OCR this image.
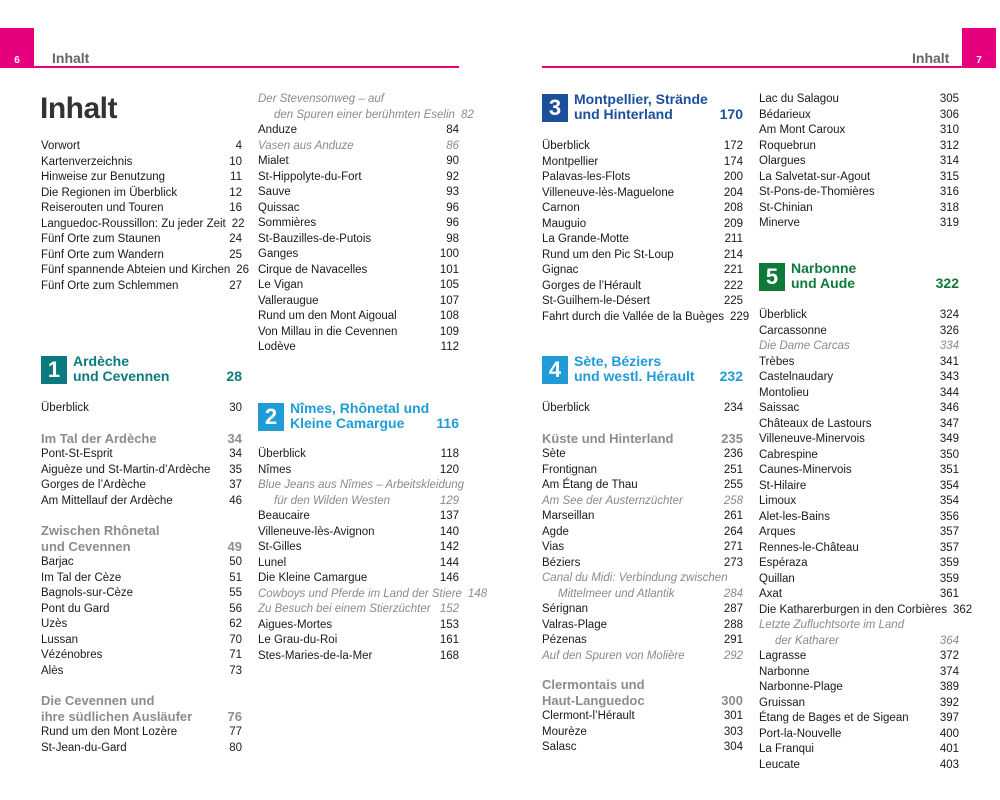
6 Inhalt	7
Inhalt
Inhalt
Vorwort	4
Kartenverzeichnis	10
Hinweise zur Benutzung	11
Die Regionen im Überblick	12
Reiserouten und Touren	16
Languedoc-Roussillon: Zu jeder Zeit 22
Fünf Orte zum Staunen	24
Fünf Orte zum Wandern	25
Fünf spannende Abteien und Kirchen 26
Fünf Orte zum Schlemmen	27
1 Ardèche
und Cevennen	28
Überblick	30
Im Tal der Ardèche	34
Pont-St-Esprit	34
Aiguèze und St-Martin-d’Ardèche	35
Gorges de l’Ardèche	37
Am Mittellauf der Ardèche	46
Zwischen Rhônetal
und Cevennen	49
Barjac	50
Im Tal der Cèze	51
Bagnols-sur-Cèze	55
Pont du Gard	56
Uzès	62
Lussan	70
Vézénobres	71
Alès	73
Die Cevennen und
ihre südlichen Ausläufer	76
Rund um den Mont Lozère	77
St-Jean-du-Gard	80
Der Stevensonweg – auf
den Spuren einer berühmten Eselin 82
Anduze	84
Vasen aus Anduze	86
Mialet	90
St-Hippolyte-du-Fort	92
Sauve	93
Quissac	96
Sommières	96
St-Bauzilles-de-Putois	98
Ganges	100
Cirque de Navacelles	101
Le Vigan	105
Valleraugue	107
Rund um den Mont Aigoual	108
Von Millau in die Cevennen	109
Lodève	112
2 Nîmes, Rhônetal und
Kleine Camargue	116
Überblick	118
Nîmes	120
Blue Jeans aus Nîmes – Arbeitskleidung
für den Wilden Westen	129
Beaucaire	137
Villeneuve-lès-Avignon	140
St-Gilles	142
Lunel	144
Die Kleine Camargue	146
Cowboys und Pferde im Land der Stiere 148
Zu Besuch bei einem Stierzüchter 152
Aigues-Mortes	153
Le Grau-du-Roi	161
Stes-Maries-de-la-Mer	168
3 Montpellier, Strände
und Hinterland	170
Überblick	172
Montpellier	174
Palavas-les-Flots	200
Villeneuve-lès-Maguelone	204
Carnon	208
Mauguio	209
La Grande-Motte	211
Rund um den Pic St-Loup	214
Gignac	221
Gorges de l’Hérault	222
St-Guilhem-le-Désert	225
Fahrt durch die Vallée de la Buèges 229
4 Sète, Béziers
und westl. Hérault	232
Überblick	234
Küste und Hinterland	235
Sète	236
Frontignan	251
Am Étang de Thau	255
Am See der Austernzüchter	258
Marseillan	261
Agde	264
Vias	271
Béziers	273
Canal du Midi: Verbindung zwischen
Mittelmeer und Atlantik	284
Sérignan	287
Valras-Plage	288
Pézenas	291
Auf den Spuren von Molière	292
Clermontais und
Haut-Languedoc	300
Clermont-l’Hérault	301
Mourèze	303
Salasc	304
Lac du Salagou	305
Bédarieux	306
Am Mont Caroux	310
Roquebrun	312
Olargues	314
La Salvetat-sur-Agout	315
St-Pons-de-Thomières	316
St-Chinian	318
Minerve	319
5 Narbonne
und Aude	322
Überblick	324
Carcassonne	326
Die Dame Carcas	334
Trèbes	341
Castelnaudary	343
Montolieu	344
Saissac	346
Châteaux de Lastours	347
Villeneuve-Minervois	349
Cabrespine	350
Caunes-Minervois	351
St-Hilaire	354
Limoux	354
Alet-les-Bains	356
Arques	357
Rennes-le-Château	357
Espéraza	359
Quillan	359
Axat	361
Die Katharerburgen in den Corbières 362
Letzte Zufluchtsorte im Land
der Katharer	364
Lagrasse	372
Narbonne	374
Narbonne-Plage	389
Gruissan	392
Étang de Bages et de Sigean	397
Port-la-Nouvelle	400
La Franqui	401
Leucate	403
